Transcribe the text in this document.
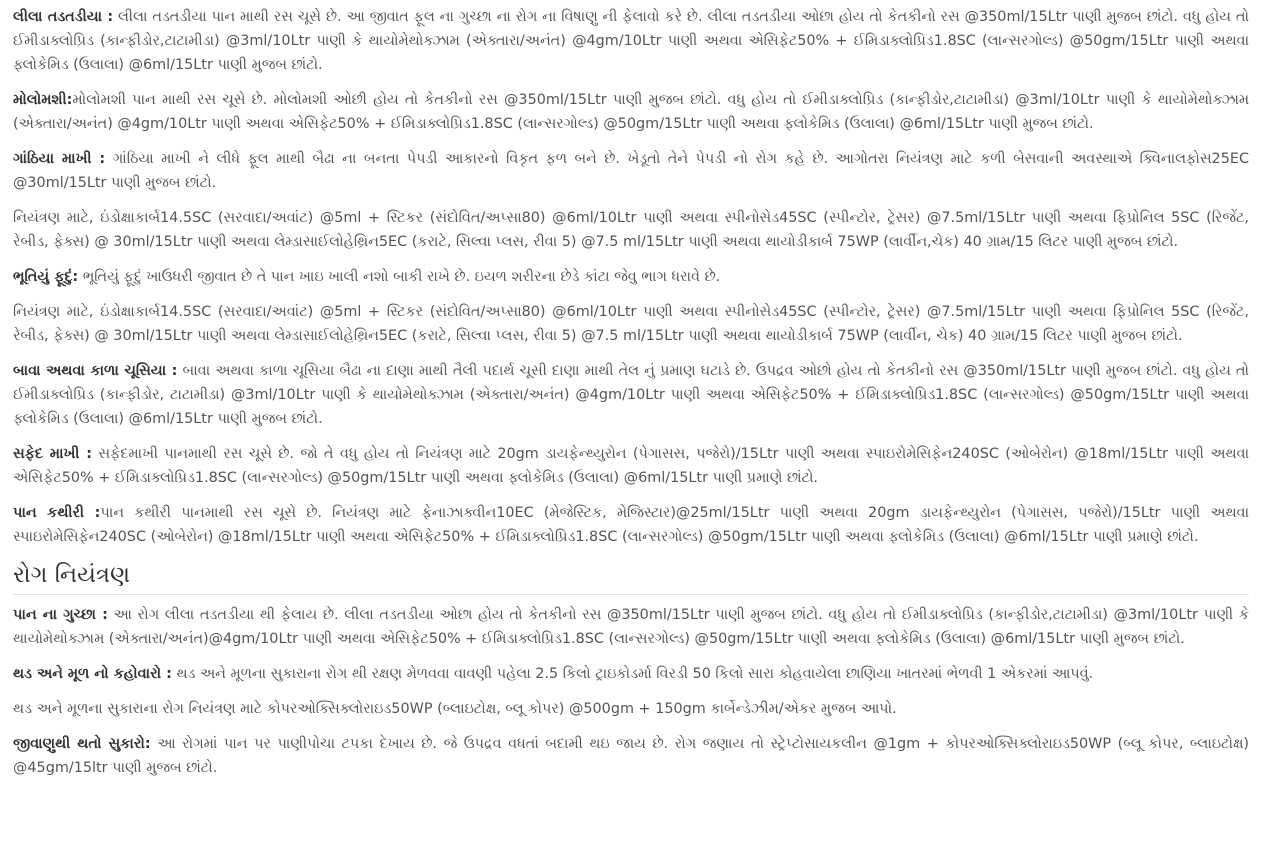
લીલા તડતડીયા : લીલા તડતડીયા પાન માથી રસ ચૂસે છે. આ જીવાત ફૂલ ના ગુચ્છા ના રોગ ના વિષાણુ ની ફેલાવો કરે છે. લીલા તડતડીયા ઓછા હોય તો કેતકીનો રસ @350ml/15Ltr પાણી મુજબ છાંટો. વધુ હોય તો ઈમીડાક્લોપ્રિડ (કાન્ફીડોર,ટાટામીડા) @3ml/10Ltr પાણી કે થાયોમેથોક્ઝામ (એક્તારા/અનંત) @4gm/10Ltr પાણી અથવા એસિફેટ50% + ઈમિડાક્લોપ્રિડ1.8SC (લાન્સરગોલ્ડ) @50gm/15Ltr પાણી અથવા ફ્લોકેમિડ (ઉલાલા) @6ml/15Ltr પાણી મુજબ છાંટો.

મોલોમશી:મોલોમશી પાન માથી રસ ચૂસે છે. મોલોમશી ઓછી હોય તો કેતકીનો રસ @350ml/15Ltr પાણી મુજબ છાંટો. વધુ હોય તો ઈમીડાક્લોપ્રિડ (કાન્ફીડોર,ટાટામીડા) @3ml/10Ltr પાણી કે થાયોમેથોક્ઝામ (એક્તારા/અનંત) @4gm/10Ltr પાણી અથવા એસિફેટ50% + ઈમિડાક્લોપ્રિડ1.8SC (લાન્સરગોલ્ડ) @50gm/15Ltr પાણી અથવા ફ્લોકેમિડ (ઉલાલા) @6ml/15Ltr પાણી મુજબ છાંટો.

ગાંઠિયા માખી : ગાંઠિયા માખી ને લીધે ફૂલ માથી બૈઢા ના બનતા પેપડી આકારનો વિકૃત ફળ બને છે. ખેડૂતો તેને પેપડી નો રોગ કહે છે. આગોતરા નિયંત્રણ માટે કળી બેસવાની અવસ્થાએ ક્વિનાલફોસ25EC @30ml/15Ltr પાણી મુજબ છાંટો.

નિયંત્રણ માટે, ઇંડોક્ષાકાર્બ14.5SC (સરવાદા/અવાંટ) @5ml + સ્ટિકર (સંદોવિત/અપ્સા80) @6ml/10Ltr પાણી અથવા સ્પીનોસેડ45SC (સ્પીન્ટોર, ટ્રેસર) @7.5ml/15Ltr પાણી અથવા ફિપ્રોનિલ 5SC (રિજેંટ, રેબીડ, ફેક્સ) @ 30ml/15Ltr પાણી અથવા લેમ્ડાસાઈલોહેથ્રિન5EC (કરાટે, સિલ્વા પ્લસ, રીવા 5) @7.5 ml/15Ltr પાણી અથવા થાયોડીકાર્બ 75WP (લાર્વીન,ચેક) 40 ગ્રામ/15 લિટર પાણી મુજબ છાંટો.

ભૂતિયું ફૂદું: ભૂતિયું ફૂદું ખાઉધરી જીવાત છે તે પાન ખાઇ ખાલી નશો બાકી રાખે છે. ઇયળ શરીરના છેડે કાંટા જેવુ ભાગ ધરાવે છે.

નિયંત્રણ માટે, ઇંડોક્ષાકાર્બ14.5SC (સરવાદા/અવાંટ) @5ml + સ્ટિકર (સંદોવિત/અપ્સા80) @6ml/10Ltr પાણી અથવા સ્પીનોસેડ45SC (સ્પીન્ટોર, ટ્રેસર) @7.5ml/15Ltr પાણી અથવા ફિપ્રોનિલ 5SC (રિજેંટ, રેબીડ, ફેક્સ) @ 30ml/15Ltr પાણી અથવા લેમ્ડાસાઈલોહેથ્રિન5EC (કરાટે, સિલ્વા પ્લસ, રીવા 5) @7.5 ml/15Ltr પાણી અથવા થાયોડીકાર્બ 75WP (લાર્વીન, ચેક) 40 ગ્રામ/15 લિટર પાણી મુજબ છાંટો.

બાવા અથવા કાળા ચૂસિયા : બાવા અથવા કાળા ચૂસિયા બૈઢા ના દાણા માથી તૈલી પદાર્થ ચૂસી દાણા માથી તેલ નું પ્રમાણ ઘટાડે છે. ઉપદ્રવ ઓછો હોય તો કેતકીનો રસ @350ml/15Ltr પાણી મુજબ છાંટો. વધુ હોય તો ઈમીડાક્લોપ્રિડ (કાન્ફીડોર, ટાટામીડા) @3ml/10Ltr પાણી કે થાયોમેથોક્ઝામ (એક્તારા/અનંત) @4gm/10Ltr પાણી અથવા એસિફેટ50% + ઈમિડાક્લોપ્રિડ1.8SC (લાન્સરગોલ્ડ) @50gm/15Ltr પાણી અથવા ફ્લોકેમિડ (ઉલાલા) @6ml/15Ltr પાણી મુજબ છાંટો.

સફેદ માખી : સફેદમાખી પાનમાથી રસ ચૂસે છે. જો તે વધુ હોય તો નિયંત્રણ માટે 20gm ડાયફેન્થ્યુરોન (પેગાસસ, પજેરો)/15Ltr પાણી અથવા સ્પાઇરોમેસિફેન240SC (ઓબેરોન) @18ml/15Ltr પાણી અથવા એસિફેટ50% + ઈમિડાક્લોપ્રિડ1.8SC (લાન્સરગોલ્ડ) @50gm/15Ltr પાણી અથવા ફ્લોકેમિડ (ઉલાલા) @6ml/15Ltr પાણી પ્રમાણે છાંટો.

પાન કથીરી :પાન કથીરી પાનમાથી રસ ચૂસે છે. નિયંત્રણ માટે ફેનાઝાક્વીન10EC (મેજેસ્ટિક, મેજિસ્ટાર)@25ml/15Ltr પાણી અથવા 20gm ડાયફેન્થ્યુરોન (પેગાસસ, પજેરો)/15Ltr પાણી અથવા સ્પાઇરોમેસિફેન240SC (ઓબેરોન) @18ml/15Ltr પાણી અથવા એસિફેટ50% + ઈમિડાક્લોપ્રિડ1.8SC (લાન્સરગોલ્ડ) @50gm/15Ltr પાણી અથવા ફ્લોકેમિડ (ઉલાલા) @6ml/15Ltr પાણી પ્રમાણે છાંટો.

રોગ નિયંત્રણ

પાન ના ગુચ્છા : આ રોગ લીલા તડતડીયા થી ફેલાય છે. લીલા તડતડીયા ઓછા હોય તો કેતકીનો રસ @350ml/15Ltr પાણી મુજબ છાંટો. વધુ હોય તો ઈમીડાક્લોપ્રિડ (કાન્ફીડોર,ટાટામીડા) @3ml/10Ltr પાણી કે થાયોમેથોક્ઝામ (એક્તારા/અનંત)@4gm/10Ltr પાણી અથવા એસિફેટ50% + ઈમિડાક્લોપ્રિડ1.8SC (લાન્સરગોલ્ડ) @50gm/15Ltr પાણી અથવા ફ્લોકેમિડ (ઉલાલા) @6ml/15Ltr પાણી મુજબ છાંટો.

થડ અને મૂળ નો કહોવારો : થડ અને મૂળના સુકારાના રોગ થી રક્ષણ મેળવવા વાવણી પહેલા 2.5 કિલો ટ્રાઇકોડર્મા વિરડી 50 કિલો સારા કોહવાયેલા છાણિયા ખાતરમાં ભેળવી 1 એકરમાં આપવું.

થડ અને મૂળના સુકારાના રોગ નિયંત્રણ માટે કોપરઓક્સિક્લોરાઇડ50WP (બ્લાઇટોક્ષ, બ્લૂ કોપર) @500gm + 150gm કાર્બેન્ડેઝીમ/એકર મુજબ આપો.

જીવાણુથી થતો સુકારો: આ રોગમાં પાન પર પાણીપોચા ટપકા દેખાય છે. જે ઉપદ્રવ વધતાં બદામી થઇ જાય છે. રોગ જણાય તો સ્ટ્રેપ્ટોસાયકલીન @1gm + કોપરઓક્સિક્લોરાઇડ50WP (બ્લૂ કોપર, બ્લાઇટોક્ષ) @45gm/15ltr પાણી મુજબ છાંટો.
